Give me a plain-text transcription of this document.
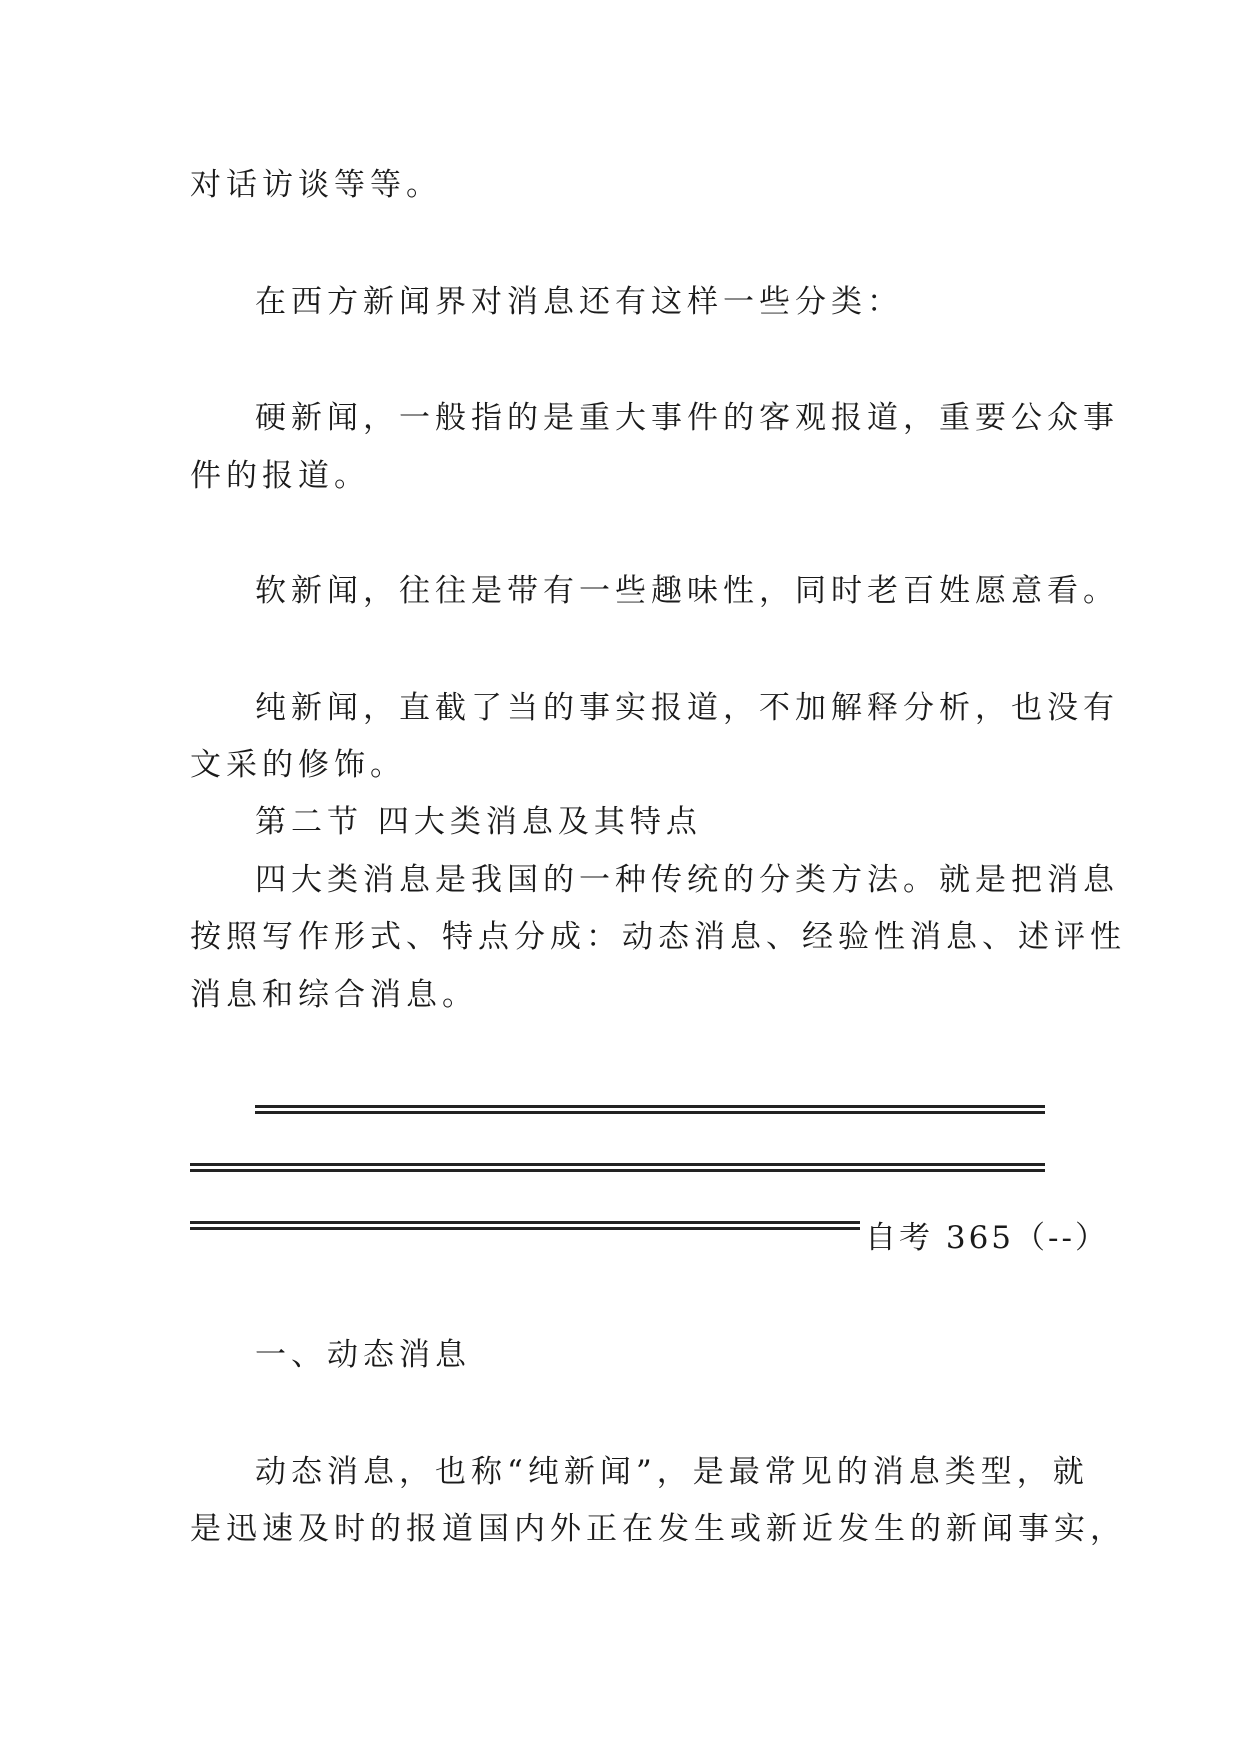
对话访谈等等。
在西方新闻界对消息还有这样一些分类：
硬新闻，一般指的是重大事件的客观报道，重要公众事
件的报道。
软新闻，往往是带有一些趣味性，同时老百姓愿意看。
纯新闻，直截了当的事实报道，不加解释分析，也没有
文采的修饰。
第二节 四大类消息及其特点
四大类消息是我国的一种传统的分类方法。就是把消息
按照写作形式、特点分成：动态消息、经验性消息、述评性
消息和综合消息。
自考 365（--）
一、动态消息
动态消息，也称“纯新闻”，是最常见的消息类型，就
是迅速及时的报道国内外正在发生或新近发生的新闻事实，
